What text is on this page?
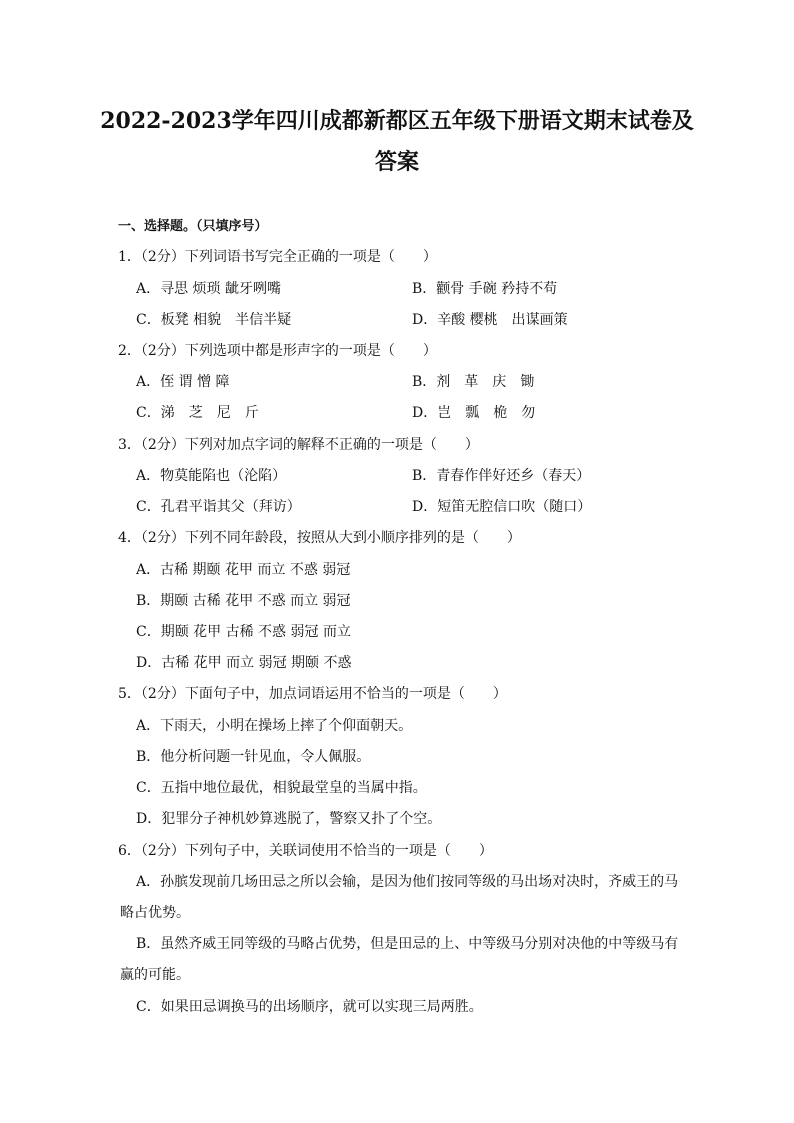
2022-2023学年四川成都新都区五年级下册语文期末试卷及
答案
一、选择题。（只填序号）
1．（2分）下列词语书写完全正确的一项是（　　）
A．寻思 烦琐 龇牙咧嘴	B．颧骨 手碗 矜持不苟
C．板凳 相貌　半信半疑	D．辛酸 樱桃　出谋画策
2．（2分）下列选项中都是形声字的一项是（　　）
A．侄 谓 憎 障	B．剂　革　庆　锄
C．涕　芝　尼　斤	D．岂　瓢　桅　勿
3．（2分）下列对加点字词的解释不正确的一项是（　　）
A．物莫能陷也（沦陷）	B．青春作伴好还乡（春天）
C．孔君平诣其父（拜访）	D．短笛无腔信口吹（随口）
4．（2分）下列不同年龄段，按照从大到小顺序排列的是（　　）
A．古稀 期颐 花甲 而立 不惑 弱冠
B．期颐 古稀 花甲 不惑 而立 弱冠
C．期颐 花甲 古稀 不惑 弱冠 而立
D．古稀 花甲 而立 弱冠 期颐 不惑
5．（2分）下面句子中，加点词语运用不恰当的一项是（　　）
A．下雨天，小明在操场上摔了个仰面朝天。
B．他分析问题一针见血，令人佩服。
C．五指中地位最优，相貌最堂皇的当属中指。
D．犯罪分子神机妙算逃脱了，警察又扑了个空。
6．（2分）下列句子中，关联词使用不恰当的一项是（　　）
A．孙膑发现前几场田忌之所以会输，是因为他们按同等级的马出场对决时，齐威王的马
略占优势。
B．虽然齐威王同等级的马略占优势，但是田忌的上、中等级马分别对决他的中等级马有
赢的可能。
C．如果田忌调换马的出场顺序，就可以实现三局两胜。
